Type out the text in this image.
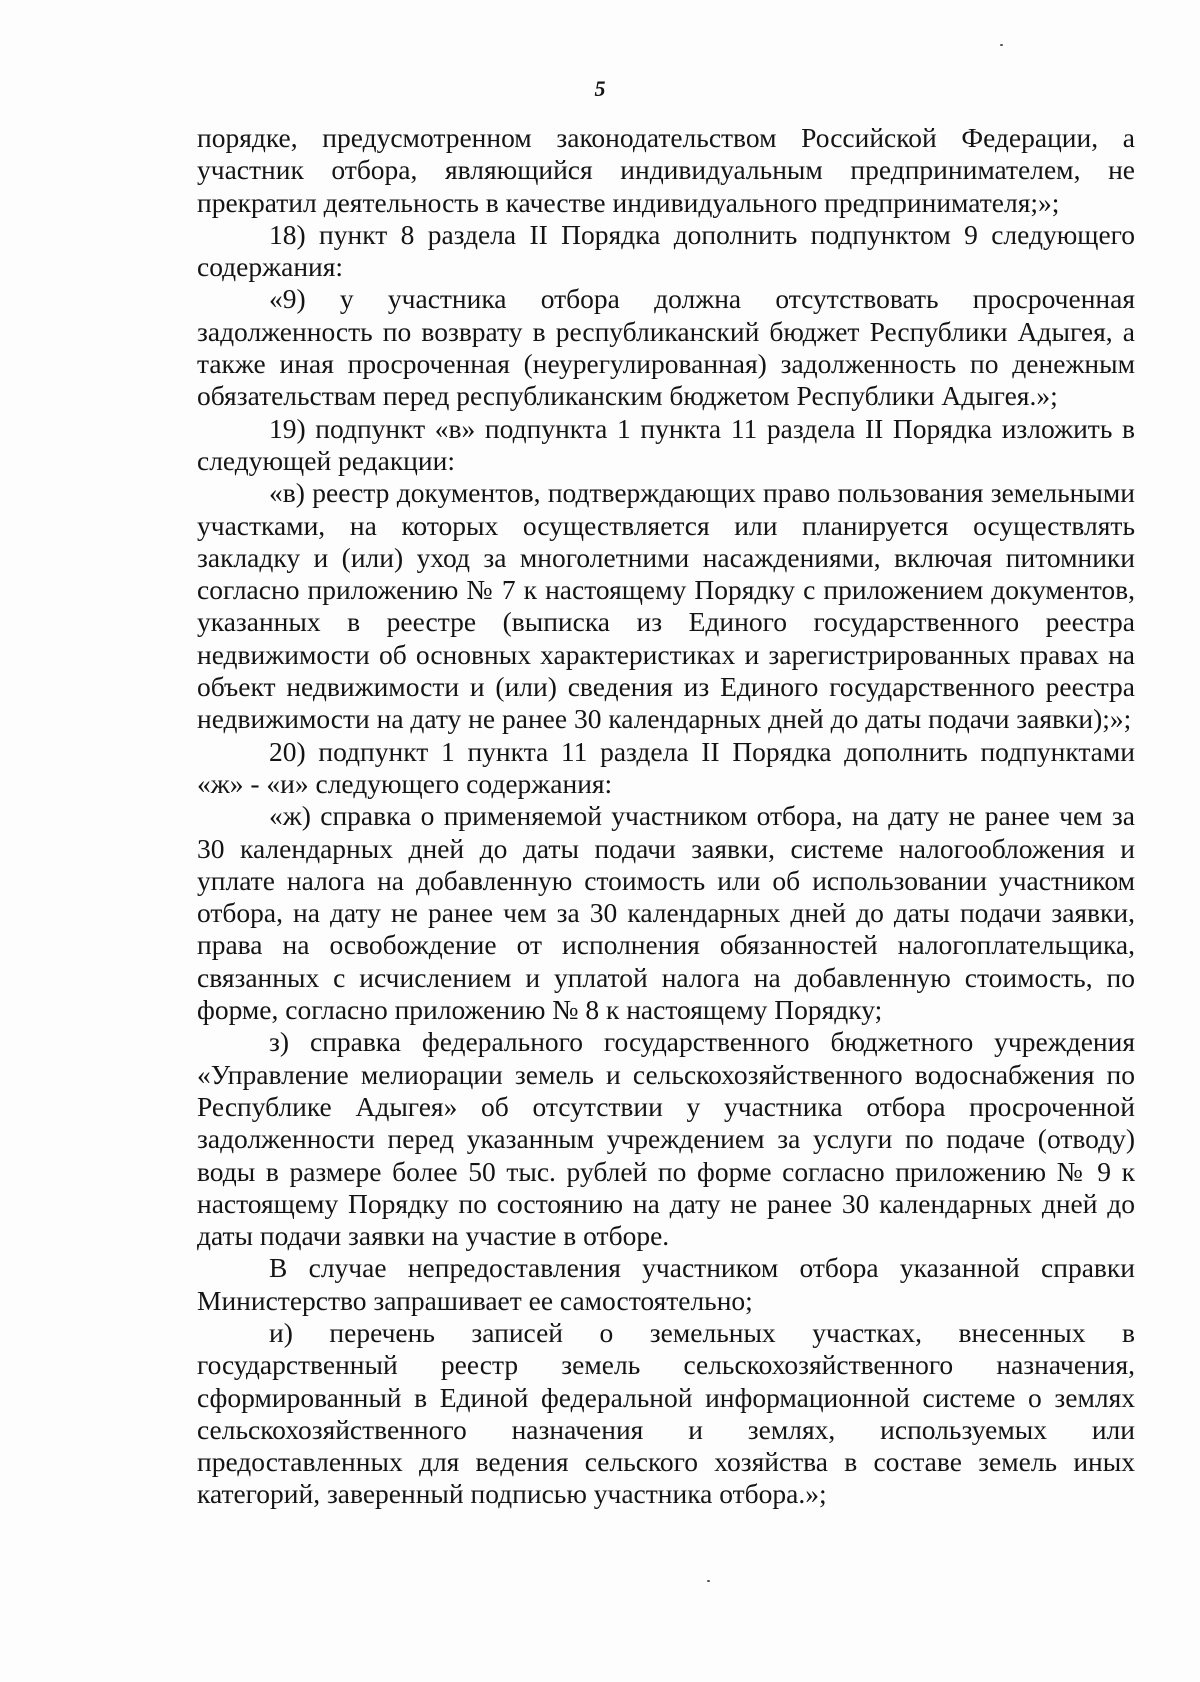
5

порядке, предусмотренном законодательством Российской Федерации, а участник отбора, являющийся индивидуальным предпринимателем, не прекратил деятельность в качестве индивидуального предпринимателя;»;

18) пункт 8 раздела II Порядка дополнить подпунктом 9 следующего содержания:

«9) у участника отбора должна отсутствовать просроченная задолженность по возврату в республиканский бюджет Республики Адыгея, а также иная просроченная (неурегулированная) задолженность по денежным обязательствам перед республиканским бюджетом Республики Адыгея.»;

19) подпункт «в» подпункта 1 пункта 11 раздела II Порядка изложить в следующей редакции:

«в) реестр документов, подтверждающих право пользования земельными участками, на которых осуществляется или планируется осуществлять закладку и (или) уход за многолетними насаждениями, включая питомники согласно приложению № 7 к настоящему Порядку с приложением документов, указанных в реестре (выписка из Единого государственного реестра недвижимости об основных характеристиках и зарегистрированных правах на объект недвижимости и (или) сведения из Единого государственного реестра недвижимости на дату не ранее 30 календарных дней до даты подачи заявки);»;

20) подпункт 1 пункта 11 раздела II Порядка дополнить подпунктами «ж» - «и» следующего содержания:

«ж) справка о применяемой участником отбора, на дату не ранее чем за 30 календарных дней до даты подачи заявки, системе налогообложения и уплате налога на добавленную стоимость или об использовании участником отбора, на дату не ранее чем за 30 календарных дней до даты подачи заявки, права на освобождение от исполнения обязанностей налогоплательщика, связанных с исчислением и уплатой налога на добавленную стоимость, по форме, согласно приложению № 8 к настоящему Порядку;

з) справка федерального государственного бюджетного учреждения «Управление мелиорации земель и сельскохозяйственного водоснабжения по Республике Адыгея» об отсутствии у участника отбора просроченной задолженности перед указанным учреждением за услуги по подаче (отводу) воды в размере более 50 тыс. рублей по форме согласно приложению № 9 к настоящему Порядку по состоянию на дату не ранее 30 календарных дней до даты подачи заявки на участие в отборе.

В случае непредоставления участником отбора указанной справки Министерство запрашивает ее самостоятельно;

и) перечень записей о земельных участках, внесенных в государственный реестр земель сельскохозяйственного назначения, сформированный в Единой федеральной информационной системе о землях сельскохозяйственного назначения и землях, используемых или предоставленных для ведения сельского хозяйства в составе земель иных категорий, заверенный подписью участника отбора.»;
